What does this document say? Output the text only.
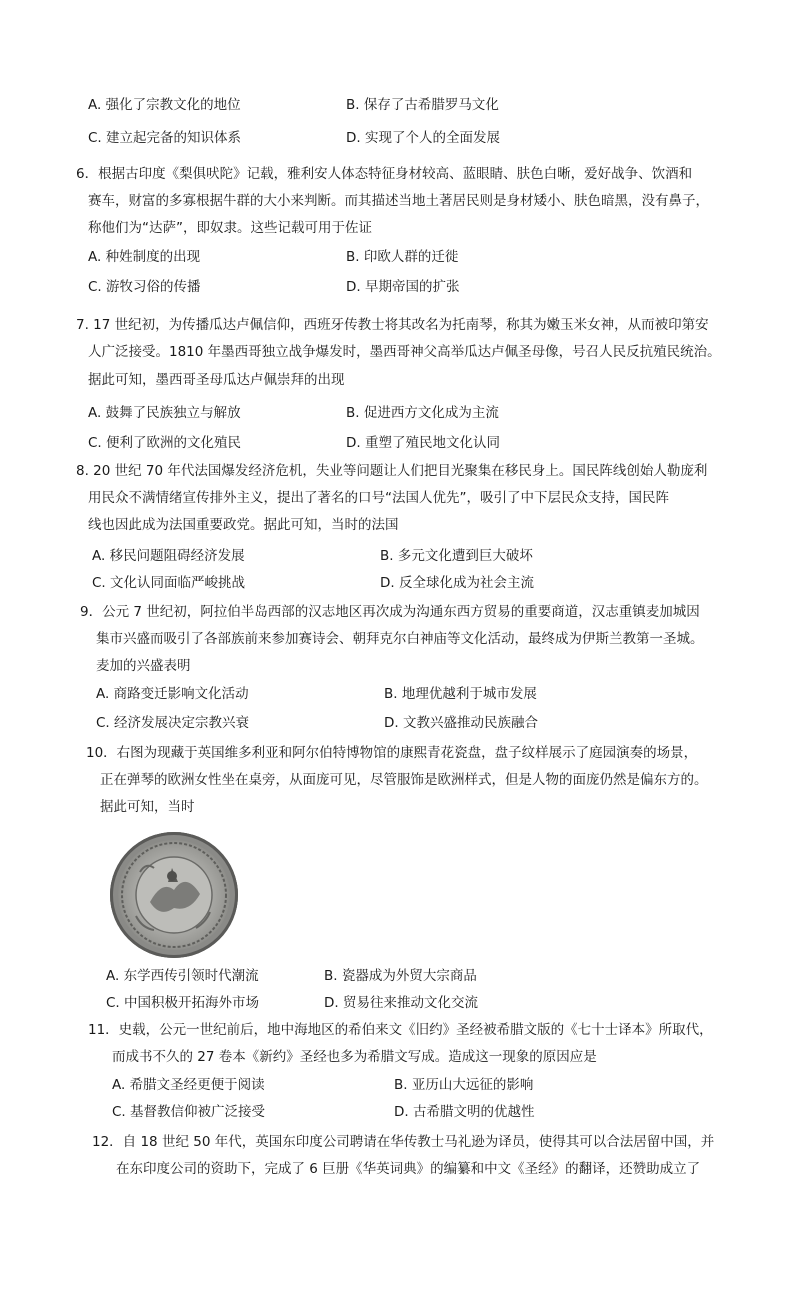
A. 强化了宗教文化的地位	B. 保存了古希腊罗马文化
C. 建立起完备的知识体系	D. 实现了个人的全面发展
6．根据古印度《梨俱吠陀》记载，雅利安人体态特征身材较高、蓝眼睛、肤色白晰，爱好战争、饮酒和
赛车，财富的多寡根据牛群的大小来判断。而其描述当地土著居民则是身材矮小、肤色暗黑，没有鼻子，
称他们为“达萨”，即奴隶。这些记载可用于佐证
A. 种姓制度的出现	B. 印欧人群的迁徙
C. 游牧习俗的传播	D. 早期帝国的扩张
7. 17 世纪初，为传播瓜达卢佩信仰，西班牙传教士将其改名为托南琴，称其为嫩玉米女神，从而被印第安
人广泛接受。1810 年墨西哥独立战争爆发时，墨西哥神父高举瓜达卢佩圣母像，号召人民反抗殖民统治。
据此可知，墨西哥圣母瓜达卢佩崇拜的出现
A. 鼓舞了民族独立与解放	B. 促进西方文化成为主流
C. 便利了欧洲的文化殖民	D. 重塑了殖民地文化认同
8. 20 世纪 70 年代法国爆发经济危机，失业等问题让人们把目光聚集在移民身上。国民阵线创始人勒庞利
用民众不满情绪宣传排外主义，提出了著名的口号“法国人优先”，吸引了中下层民众支持，国民阵
线也因此成为法国重要政党。据此可知，当时的法国
A. 移民问题阻碍经济发展	B. 多元文化遭到巨大破坏
C. 文化认同面临严峻挑战	D. 反全球化成为社会主流
9．公元 7 世纪初，阿拉伯半岛西部的汉志地区再次成为沟通东西方贸易的重要商道，汉志重镇麦加城因
集市兴盛而吸引了各部族前来参加赛诗会、朝拜克尔白神庙等文化活动，最终成为伊斯兰教第一圣城。
麦加的兴盛表明
A. 商路变迁影响文化活动	B. 地理优越利于城市发展
C. 经济发展决定宗教兴衰	D. 文教兴盛推动民族融合
10．右图为现藏于英国维多利亚和阿尔伯特博物馆的康熙青花瓷盘，盘子纹样展示了庭园演奏的场景，
正在弹琴的欧洲女性坐在桌旁，从面庞可见，尽管服饰是欧洲样式，但是人物的面庞仍然是偏东方的。
据此可知，当时
A. 东学西传引领时代潮流	B. 瓷器成为外贸大宗商品
C. 中国积极开拓海外市场	D. 贸易往来推动文化交流
11．史载，公元一世纪前后，地中海地区的希伯来文《旧约》圣经被希腊文版的《七十士译本》所取代，
而成书不久的 27 卷本《新约》圣经也多为希腊文写成。造成这一现象的原因应是
A. 希腊文圣经更便于阅读	B. 亚历山大远征的影响
C. 基督教信仰被广泛接受	D. 古希腊文明的优越性
12．自 18 世纪 50 年代，英国东印度公司聘请在华传教士马礼逊为译员，使得其可以合法居留中国，并
在东印度公司的资助下，完成了 6 巨册《华英词典》的编纂和中文《圣经》的翻译，还赞助成立了
